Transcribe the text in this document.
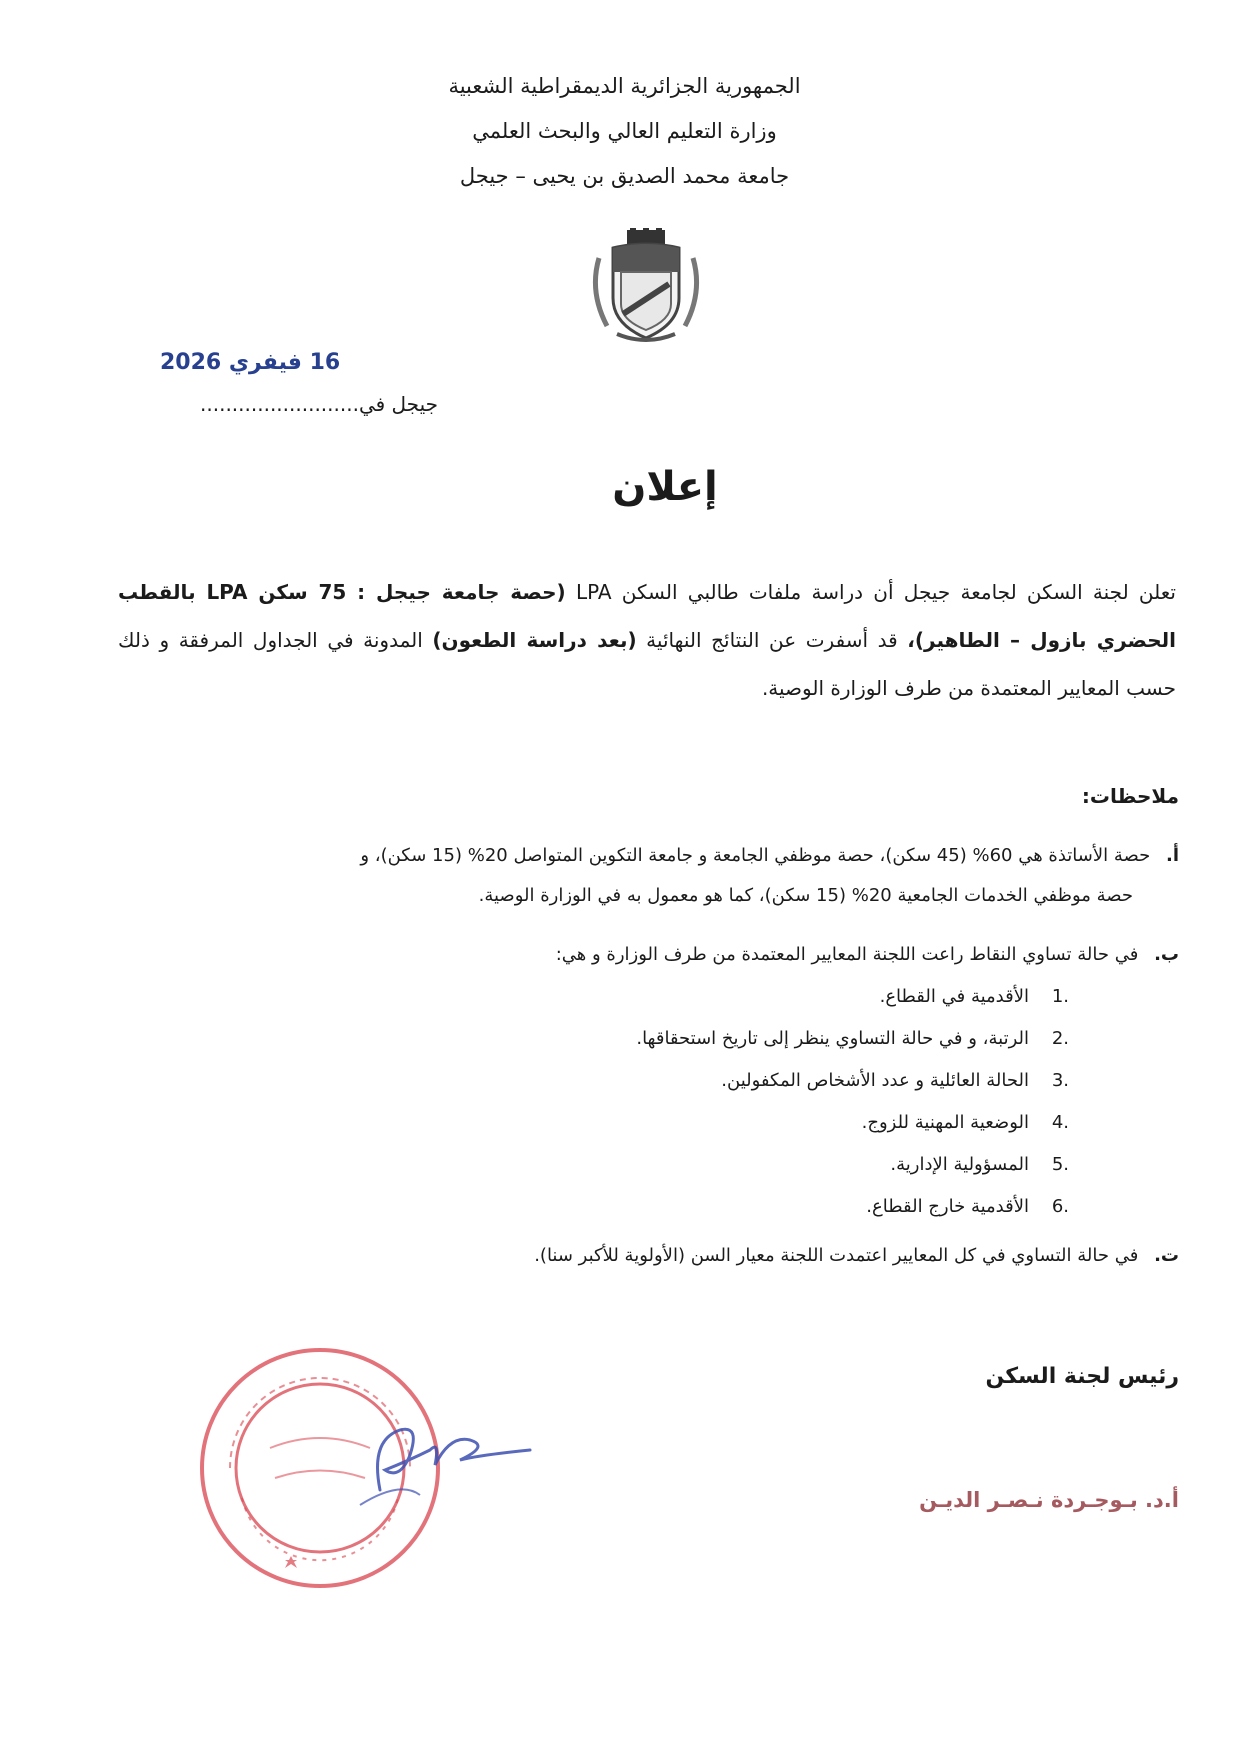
الجمهورية الجزائرية الديمقراطية الشعبية
وزارة التعليم العالي والبحث العلمي
جامعة محمد الصديق بن يحيى – جيجل
16 فيفري 2026
جيجل في.........................
إعلان
تعلن لجنة السكن لجامعة جيجل أن دراسة ملفات طالبي السكن LPA (حصة جامعة جيجل : 75 سكن LPA بالقطب الحضري بازول – الطاهير)، قد أسفرت عن النتائج النهائية (بعد دراسة الطعون) المدونة في الجداول المرفقة و ذلك حسب المعايير المعتمدة من طرف الوزارة الوصية.
ملاحظات:
أ. حصة الأساتذة هي 60% (45 سكن)، حصة موظفي الجامعة و جامعة التكوين المتواصل 20% (15 سكن)، و
حصة موظفي الخدمات الجامعية 20% (15 سكن)، كما هو معمول به في الوزارة الوصية.
ب. في حالة تساوي النقاط راعت اللجنة المعايير المعتمدة من طرف الوزارة و هي:
.1الأقدمية في القطاع.
.2الرتبة، و في حالة التساوي ينظر إلى تاريخ استحقاقها.
.3الحالة العائلية و عدد الأشخاص المكفولين.
.4الوضعية المهنية للزوج.
.5المسؤولية الإدارية.
.6الأقدمية خارج القطاع.
ت. في حالة التساوي في كل المعايير اعتمدت اللجنة معيار السن (الأولوية للأكبر سنا).
رئيس لجنة السكن
أ.د. بـوجـردة نـصـر الديـن
